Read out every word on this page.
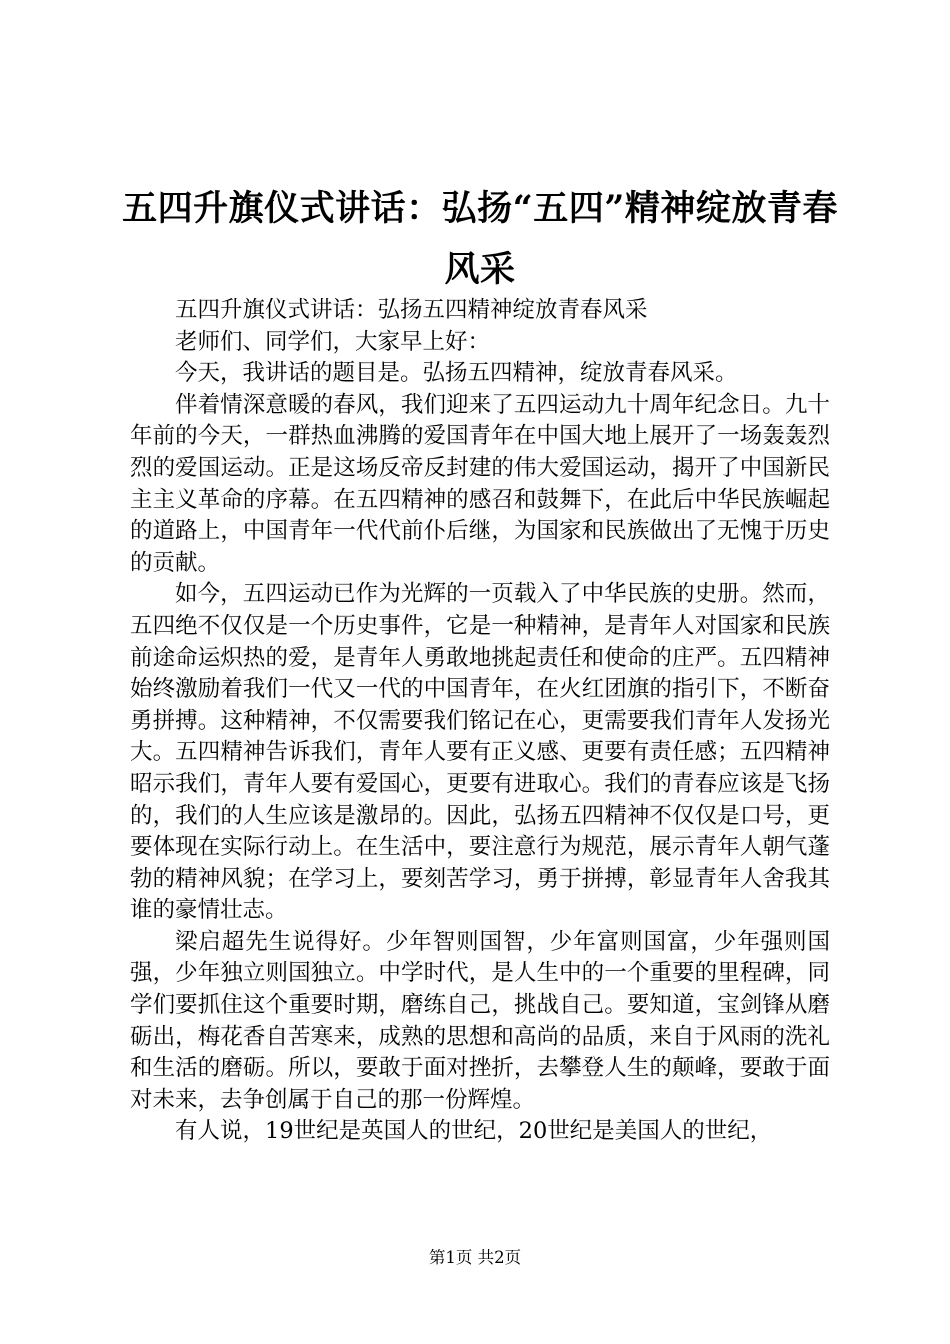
五四升旗仪式讲话：弘扬“五四”精神绽放青春风采

五四升旗仪式讲话：弘扬五四精神绽放青春风采

老师们、同学们，大家早上好：

今天，我讲话的题目是。弘扬五四精神，绽放青春风采。

伴着情深意暖的春风，我们迎来了五四运动九十周年纪念日。九十年前的今天，一群热血沸腾的爱国青年在中国大地上展开了一场轰轰烈烈的爱国运动。正是这场反帝反封建的伟大爱国运动，揭开了中国新民主主义革命的序幕。在五四精神的感召和鼓舞下，在此后中华民族崛起的道路上，中国青年一代代前仆后继，为国家和民族做出了无愧于历史的贡献。

如今，五四运动已作为光辉的一页载入了中华民族的史册。然而，五四绝不仅仅是一个历史事件，它是一种精神，是青年人对国家和民族前途命运炽热的爱，是青年人勇敢地挑起责任和使命的庄严。五四精神始终激励着我们一代又一代的中国青年，在火红团旗的指引下，不断奋勇拼搏。这种精神，不仅需要我们铭记在心，更需要我们青年人发扬光大。五四精神告诉我们，青年人要有正义感、更要有责任感；五四精神昭示我们，青年人要有爱国心，更要有进取心。我们的青春应该是飞扬的，我们的人生应该是激昂的。因此，弘扬五四精神不仅仅是口号，更要体现在实际行动上。在生活中，要注意行为规范，展示青年人朝气蓬勃的精神风貌；在学习上，要刻苦学习，勇于拼搏，彰显青年人舍我其谁的豪情壮志。

梁启超先生说得好。少年智则国智，少年富则国富，少年强则国强，少年独立则国独立。中学时代，是人生中的一个重要的里程碑，同学们要抓住这个重要时期，磨练自己，挑战自己。要知道，宝剑锋从磨砺出，梅花香自苦寒来，成熟的思想和高尚的品质，来自于风雨的洗礼和生活的磨砺。所以，要敢于面对挫折，去攀登人生的颠峰，要敢于面对未来，去争创属于自己的那一份辉煌。

有人说，19世纪是英国人的世纪，20世纪是美国人的世纪，

第1页 共2页
